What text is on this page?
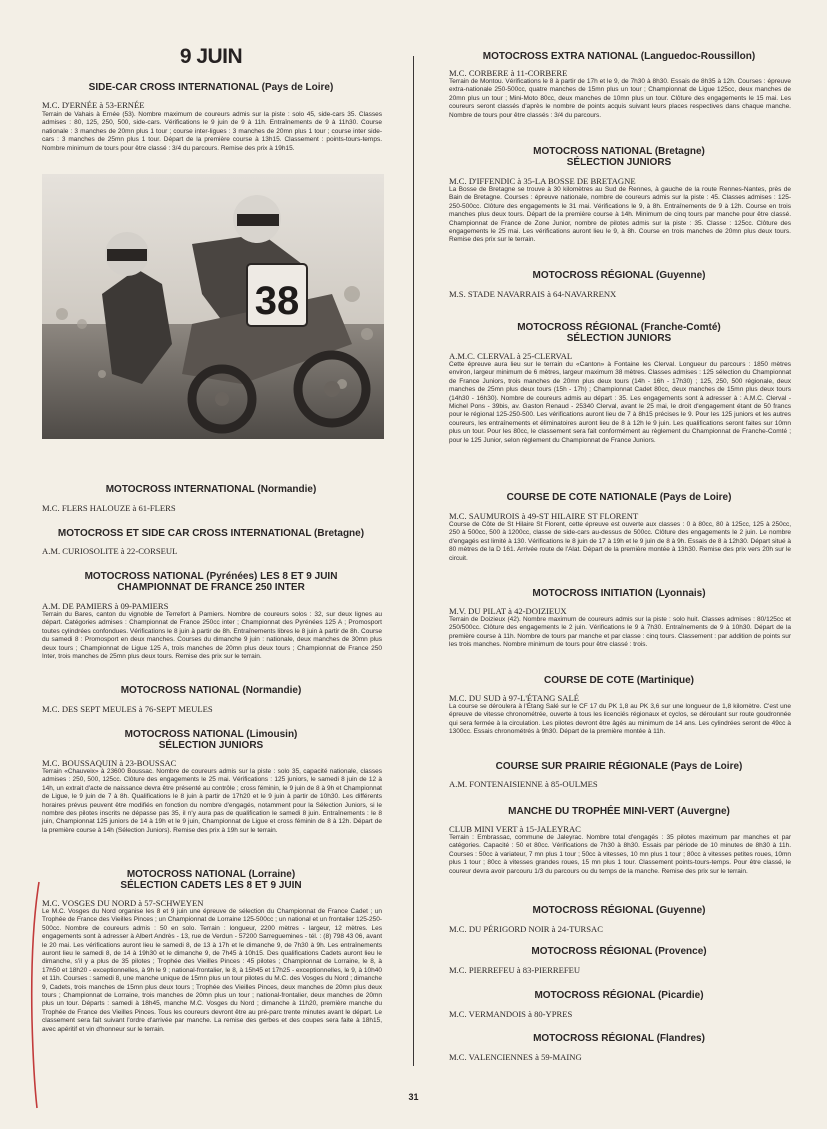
9 JUIN
SIDE-CAR CROSS INTERNATIONAL (Pays de Loire)
M.C. D'ERNÉE à 53-ERNÉE
Terrain de Vahais à Ernée (53). Nombre maximum de coureurs admis sur la piste : solo 45, side-cars 35. Classes admises : 80, 125, 250, 500, side-cars. Vérifications le 9 juin de 9 à 11h. Entraînements de 9 à 11h30. Course nationale : 3 manches de 20mn plus 1 tour ; course inter-ligues : 3 manches de 20mn plus 1 tour ; course inter side-cars : 3 manches de 25mn plus 1 tour. Départ de la première course à 13h15. Classement : points-tours-temps. Nombre minimum de tours pour être classé : 3/4 du parcours. Remise des prix à 19h15.
38
MOTOCROSS INTERNATIONAL (Normandie)
M.C. FLERS HALOUZE à 61-FLERS
MOTOCROSS ET SIDE CAR CROSS INTERNATIONAL (Bretagne)
A.M. CURIOSOLITE à 22-CORSEUL
MOTOCROSS NATIONAL (Pyrénées) LES 8 ET 9 JUIN
CHAMPIONNAT DE FRANCE 250 INTER
A.M. DE PAMIERS à 09-PAMIERS
Terrain du Bares, canton du vignoble de Terrefort à Pamiers. Nombre de coureurs solos : 32, sur deux lignes au départ. Catégories admises : Championnat de France 250cc inter ; Championnat des Pyrénées 125 A ; Promosport toutes cylindrées confondues. Vérifications le 8 juin à partir de 8h. Entraînements libres le 8 juin à partir de 8h. Course du samedi 8 : Promosport en deux manches. Courses du dimanche 9 juin : nationale, deux manches de 30mn plus deux tours ; Championnat de Ligue 125 A, trois manches de 20mn plus deux tours ; Championnat de France 250 Inter, trois manches de 25mn plus deux tours. Remise des prix sur le terrain.
MOTOCROSS NATIONAL (Normandie)
M.C. DES SEPT MEULES à 76-SEPT MEULES
MOTOCROSS NATIONAL (Limousin)
SÉLECTION JUNIORS
M.C. BOUSSAQUIN à 23-BOUSSAC
Terrain «Chauveix» à 23600 Boussac. Nombre de coureurs admis sur la piste : solo 35, capacité nationale, classes admises : 250, 500, 125cc. Clôture des engagements le 25 mai. Vérifications : 125 juniors, le samedi 8 juin de 12 à 14h, un extrait d'acte de naissance devra être présenté au contrôle ; cross féminin, le 9 juin de 8 à 9h et Championnat de Ligue, le 9 juin de 7 à 8h. Qualifications le 8 juin à partir de 17h20 et le 9 juin à partir de 10h30. Les différents horaires prévus peuvent être modifiés en fonction du nombre d'engagés, notamment pour la Sélection Juniors, si le nombre des pilotes inscrits ne dépasse pas 35, il n'y aura pas de qualification le samedi 8 juin. Entraînements : le 8 juin, Championnat 125 juniors de 14 à 19h et le 9 juin, Championnat de Ligue et cross féminin de 8 à 12h. Départ de la première course à 14h (Sélection Juniors). Remise des prix à 19h sur le terrain.
MOTOCROSS NATIONAL (Lorraine)
SÉLECTION CADETS LES 8 ET 9 JUIN
M.C. VOSGES DU NORD à 57-SCHWEYEN
Le M.C. Vosges du Nord organise les 8 et 9 juin une épreuve de sélection du Championnat de France Cadet ; un Trophée de France des Vieilles Pinces ; un Championnat de Lorraine 125-500cc ; un national et un frontalier 125-250-500cc. Nombre de coureurs admis : 50 en solo. Terrain : longueur, 2200 mètres - largeur, 12 mètres. Les engagements sont à adresser à Albert Andrès - 13, rue de Verdun - 57200 Sarreguemines - tél. : (8) 798 43 06, avant le 20 mai. Les vérifications auront lieu le samedi 8, de 13 à 17h et le dimanche 9, de 7h30 à 9h. Les entraînements auront lieu le samedi 8, de 14 à 19h30 et le dimanche 9, de 7h45 à 10h15. Des qualifications Cadets auront lieu le dimanche, s'il y a plus de 35 pilotes ; Trophée des Vieilles Pinces : 45 pilotes ; Championnat de Lorraine, le 8, à 17h50 et 18h20 - exceptionnelles, à 9h le 9 ; national-frontalier, le 8, à 15h45 et 17h25 - exceptionnelles, le 9, à 10h40 et 11h. Courses : samedi 8, une manche unique de 15mn plus un tour pilotes du M.C. des Vosges du Nord ; dimanche 9, Cadets, trois manches de 15mn plus deux tours ; Trophée des Vieilles Pinces, deux manches de 20mn plus deux tours ; Championnat de Lorraine, trois manches de 20mn plus un tour ; national-frontalier, deux manches de 20mn plus un tour. Départs : samedi à 18h45, manche M.C. Vosges du Nord ; dimanche à 11h20, première manche du Trophée de France des Vieilles Pinces. Tous les coureurs devront être au pré-parc trente minutes avant le départ. Le classement sera fait suivant l'ordre d'arrivée par manche. La remise des gerbes et des coupes sera faite à 18h15, avec apéritif et vin d'honneur sur le terrain.
MOTOCROSS EXTRA NATIONAL (Languedoc-Roussillon)
M.C. CORBERE à 11-CORBERE
Terrain de Montou. Vérifications le 8 à partir de 17h et le 9, de 7h30 à 8h30. Essais de 8h35 à 12h. Courses : épreuve extra-nationale 250-500cc, quatre manches de 15mn plus un tour ; Championnat de Ligue 125cc, deux manches de 20mn plus un tour ; Mini-Moto 80cc, deux manches de 10mn plus un tour. Clôture des engagements le 15 mai. Les coureurs seront classés d'après le nombre de points acquis suivant leurs places respectives dans chaque manche. Nombre de tours pour être classés : 3/4 du parcours.
MOTOCROSS NATIONAL (Bretagne)
SÉLECTION JUNIORS
M.C. D'IFFENDIC à 35-LA BOSSE DE BRETAGNE
La Bosse de Bretagne se trouve à 30 kilomètres au Sud de Rennes, à gauche de la route Rennes-Nantes, près de Bain de Bretagne. Courses : épreuve nationale, nombre de coureurs admis sur la piste : 45. Classes admises : 125-250-500cc. Clôture des engagements le 31 mai. Vérifications le 9, à 8h. Entraînements de 9 à 12h. Course en trois manches plus deux tours. Départ de la première course à 14h. Minimum de cinq tours par manche pour être classé. Championnat de France de Zone Junior, nombre de pilotes admis sur la piste : 35. Classe : 125cc. Clôture des engagements le 25 mai. Les vérifications auront lieu le 9, à 8h. Course en trois manches de 20mn plus deux tours. Remise des prix sur le terrain.
MOTOCROSS RÉGIONAL (Guyenne)
M.S. STADE NAVARRAIS à 64-NAVARRENX
MOTOCROSS RÉGIONAL (Franche-Comté)
SÉLECTION JUNIORS
A.M.C. CLERVAL à 25-CLERVAL
Cette épreuve aura lieu sur le terrain du «Canton» à Fontaine les Clerval. Longueur du parcours : 1850 mètres environ, largeur minimum de 6 mètres, largeur maximum 38 mètres. Classes admises : 125 sélection du Championnat de France Juniors, trois manches de 20mn plus deux tours (14h - 16h - 17h30) ; 125, 250, 500 régionale, deux manches de 25mn plus deux tours (15h - 17h) ; Championnat Cadet 80cc, deux manches de 15mn plus deux tours (14h30 - 16h30). Nombre de coureurs admis au départ : 35. Les engagements sont à adresser à : A.M.C. Clerval - Michel Pons - 39bis, av. Gaston Renaud - 25340 Clerval, avant le 25 mai, le droit d'engagement étant de 50 francs pour le régional 125-250-500. Les vérifications auront lieu de 7 à 8h15 précises le 9. Pour les 125 juniors et les autres coureurs, les entraînements et éliminatoires auront lieu de 8 à 12h le 9 juin. Les qualifications seront faites sur 10mn plus un tour. Pour les 80cc, le classement sera fait conformément au règlement du Championnat de Franche-Comté ; pour le 125 Junior, selon règlement du Championnat de France Juniors.
COURSE DE COTE NATIONALE (Pays de Loire)
M.C. SAUMUROIS à 49-ST HILAIRE ST FLORENT
Course de Côte de St Hilaire St Florent, cette épreuve est ouverte aux classes : 0 à 80cc, 80 à 125cc, 125 à 250cc, 250 à 500cc, 500 à 1200cc, classe de side-cars au-dessus de 500cc. Clôture des engagements le 2 juin. Le nombre d'engagés est limité à 130. Vérifications le 8 juin de 17 à 19h et le 9 juin de 8 à 9h. Essais de 8 à 12h30. Départ situé à 80 mètres de la D 161. Arrivée route de l'Alat. Départ de la première montée à 13h30. Remise des prix vers 20h sur le circuit.
MOTOCROSS INITIATION (Lyonnais)
M.V. DU PILAT à 42-DOIZIEUX
Terrain de Doizieux (42). Nombre maximum de coureurs admis sur la piste : solo huit. Classes admises : 80/125cc et 250/500cc. Clôture des engagements le 2 juin. Vérifications le 9 à 7h30. Entraînements de 9 à 10h30. Départ de la première course à 11h. Nombre de tours par manche et par classe : cinq tours. Classement : par addition de points sur les trois manches. Nombre minimum de tours pour être classé : trois.
COURSE DE COTE (Martinique)
M.C. DU SUD à 97-L'ÉTANG SALÉ
La course se déroulera à l'Étang Salé sur le CF 17 du PK 1,8 au PK 3,6 sur une longueur de 1,8 kilomètre. C'est une épreuve de vitesse chronométrée, ouverte à tous les licenciés régionaux et cyclos, se déroulant sur route goudronnée qui sera fermée à la circulation. Les pilotes devront être âgés au minimum de 14 ans. Les cylindrées seront de 49cc à 1300cc. Essais chronométrés à 9h30. Départ de la première montée à 11h.
COURSE SUR PRAIRIE RÉGIONALE (Pays de Loire)
A.M. FONTENAISIENNE à 85-OULMES
MANCHE DU TROPHÉE MINI-VERT (Auvergne)
CLUB MINI VERT à 15-JALEYRAC
Terrain : Embrassac, commune de Jaleyrac. Nombre total d'engagés : 35 pilotes maximum par manches et par catégories. Capacité : 50 et 80cc. Vérifications de 7h30 à 8h30. Essais par période de 10 minutes de 8h30 à 11h. Courses : 50cc à variateur, 7 mn plus 1 tour ; 50cc à vitesses, 10 mn plus 1 tour ; 80cc à vitesses petites roues, 10mn plus 1 tour ; 80cc à vitesses grandes roues, 15 mn plus 1 tour. Classement points-tours-temps. Pour être classé, le coureur devra avoir parcouru 1/3 du parcours ou du temps de la manche. Remise des prix sur le terrain.
MOTOCROSS RÉGIONAL (Guyenne)
M.C. DU PÉRIGORD NOIR à 24-TURSAC
MOTOCROSS RÉGIONAL (Provence)
M.C. PIERREFEU à 83-PIERREFEU
MOTOCROSS RÉGIONAL (Picardie)
M.C. VERMANDOIS à 80-YPRES
MOTOCROSS RÉGIONAL (Flandres)
M.C. VALENCIENNES à 59-MAING
31
